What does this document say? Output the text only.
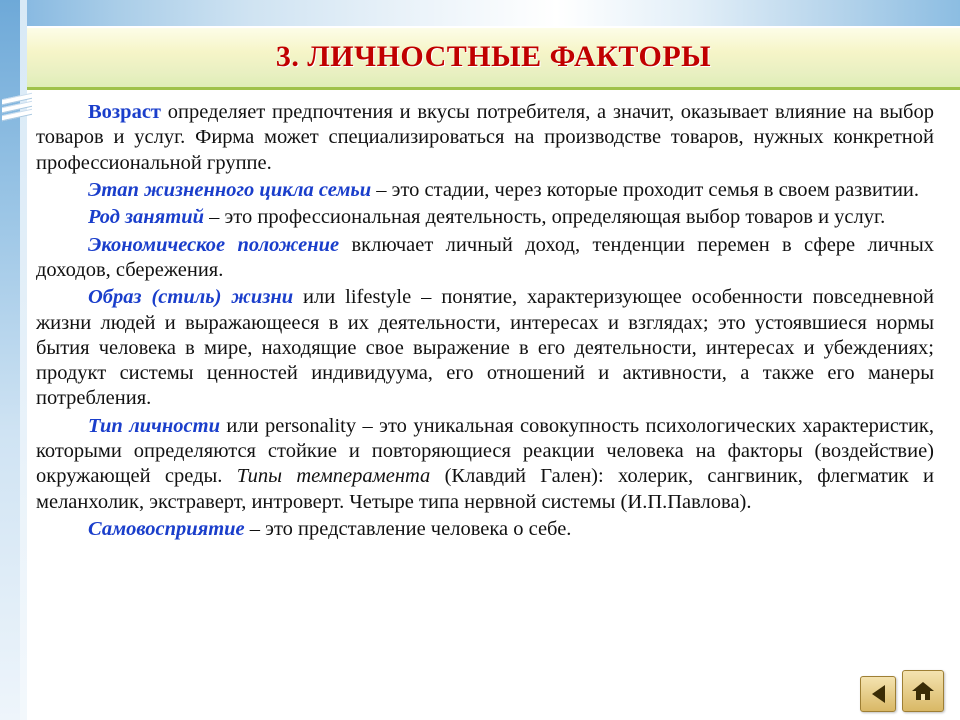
3. ЛИЧНОСТНЫЕ ФАКТОРЫ

Возраст определяет предпочтения и вкусы потребителя, а значит, оказывает влияние на выбор товаров и услуг. Фирма может специализироваться на производстве товаров, нужных конкретной профессиональной группе.

Этап жизненного цикла семьи – это стадии, через которые проходит семья в своем развитии.

Род занятий – это профессиональная деятельность, определяющая выбор товаров и услуг.

Экономическое положение включает личный доход, тенденции перемен в сфере личных доходов, сбережения.

Образ (стиль) жизни или lifestyle – понятие, характеризующее особенности повседневной жизни людей и выражающееся в их деятельности, интересах и взглядах; это устоявшиеся нормы бытия человека в мире, находящие свое выражение в его деятельности, интересах и убеждениях; продукт системы ценностей индивидуума, его отношений и активности, а также его манеры потребления.

Тип личности или personality – это уникальная совокупность психологических характеристик, которыми определяются стойкие и повторяющиеся реакции человека на факторы (воздействие) окружающей среды. Типы темперамента (Клавдий Гален): холерик, сангвиник, флегматик и меланхолик, экстраверт, интроверт. Четыре типа нервной системы (И.П.Павлова).

Самовосприятие – это представление человека о себе.
